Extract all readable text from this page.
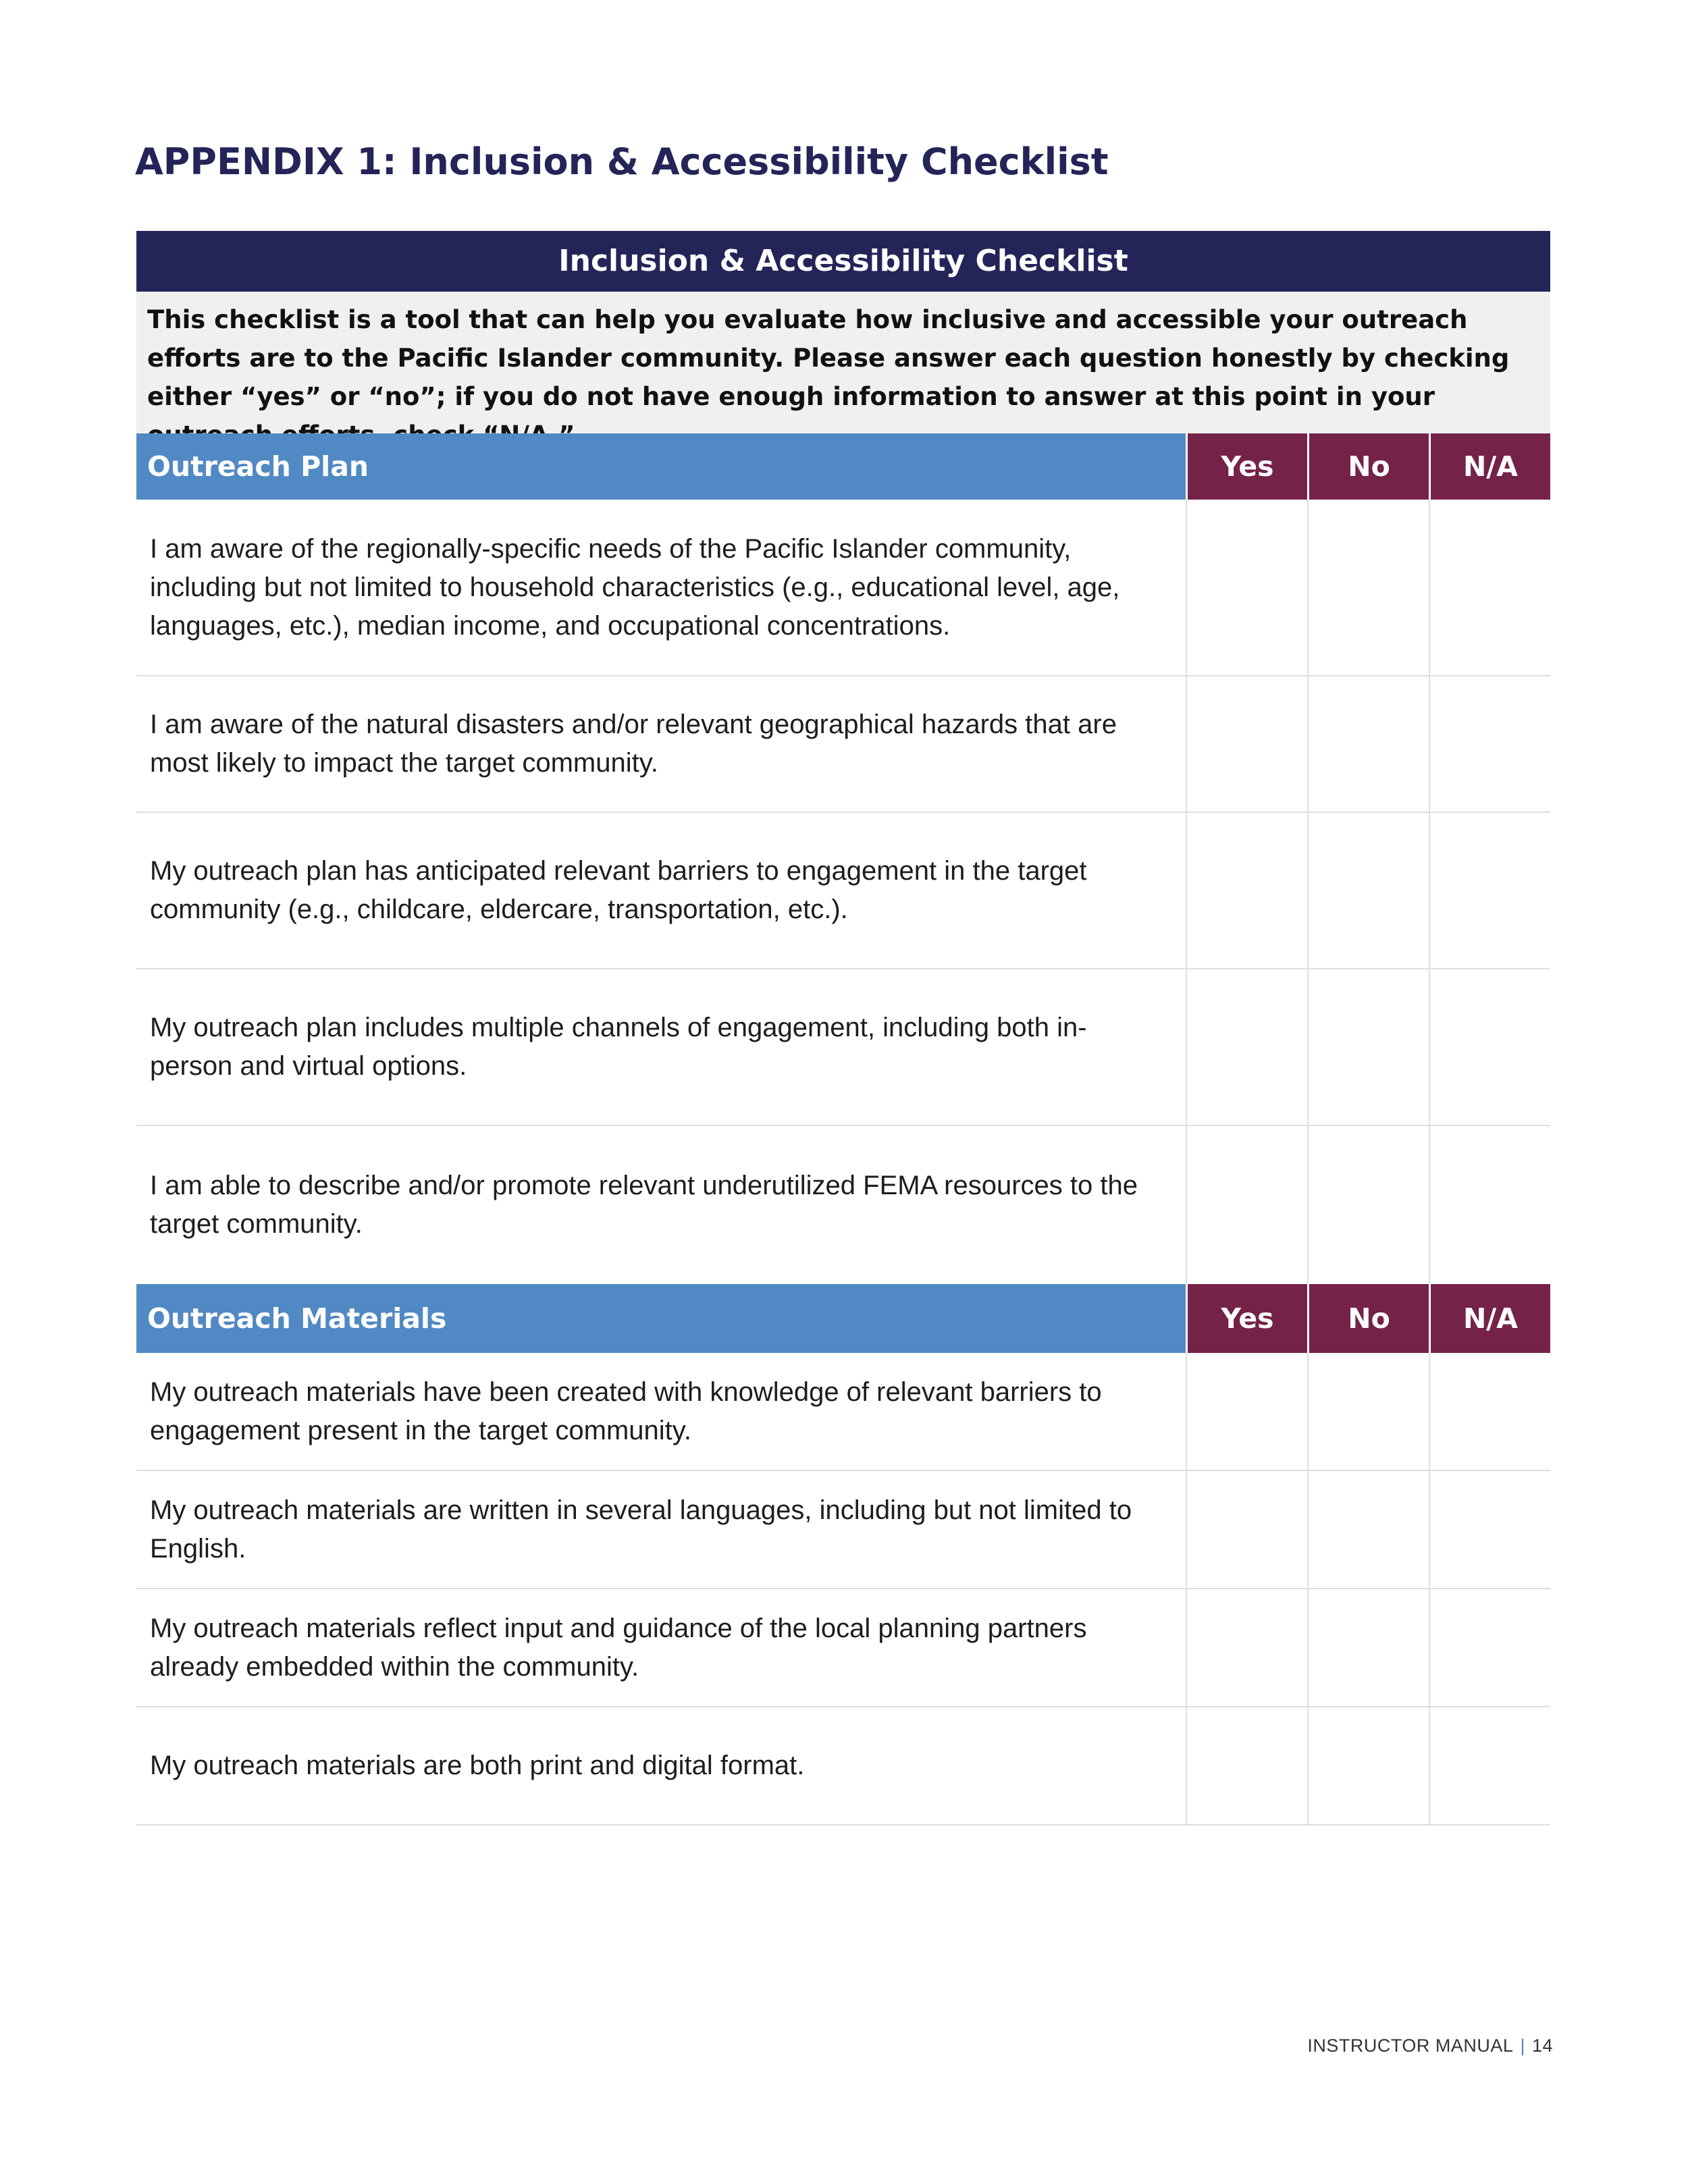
APPENDIX 1: Inclusion & Accessibility Checklist
Inclusion & Accessibility Checklist
This checklist is a tool that can help you evaluate how inclusive and accessible your outreach efforts are to the Pacific Islander community. Please answer each question honestly by checking either “yes” or “no”; if you do not have enough information to answer at this point in your
Outreach Plan	Yes	No	N/A
I am aware of the regionally-specific needs of the Pacific Islander community, including but not limited to household characteristics (e.g., educational level, age, languages, etc.), median income, and occupational concentrations.
I am aware of the natural disasters and/or relevant geographical hazards that are most likely to impact the target community.
My outreach plan has anticipated relevant barriers to engagement in the target community (e.g., childcare, eldercare, transportation, etc.).
My outreach plan includes multiple channels of engagement, including both in-person and virtual options.
I am able to describe and/or promote relevant underutilized FEMA resources to the target community.
Outreach Materials	Yes	No	N/A
My outreach materials have been created with knowledge of relevant barriers to engagement present in the target community.
My outreach materials are written in several languages, including but not limited to English.
My outreach materials reflect input and guidance of the local planning partners already embedded within the community.
My outreach materials are both print and digital format.
INSTRUCTOR MANUAL | 14
